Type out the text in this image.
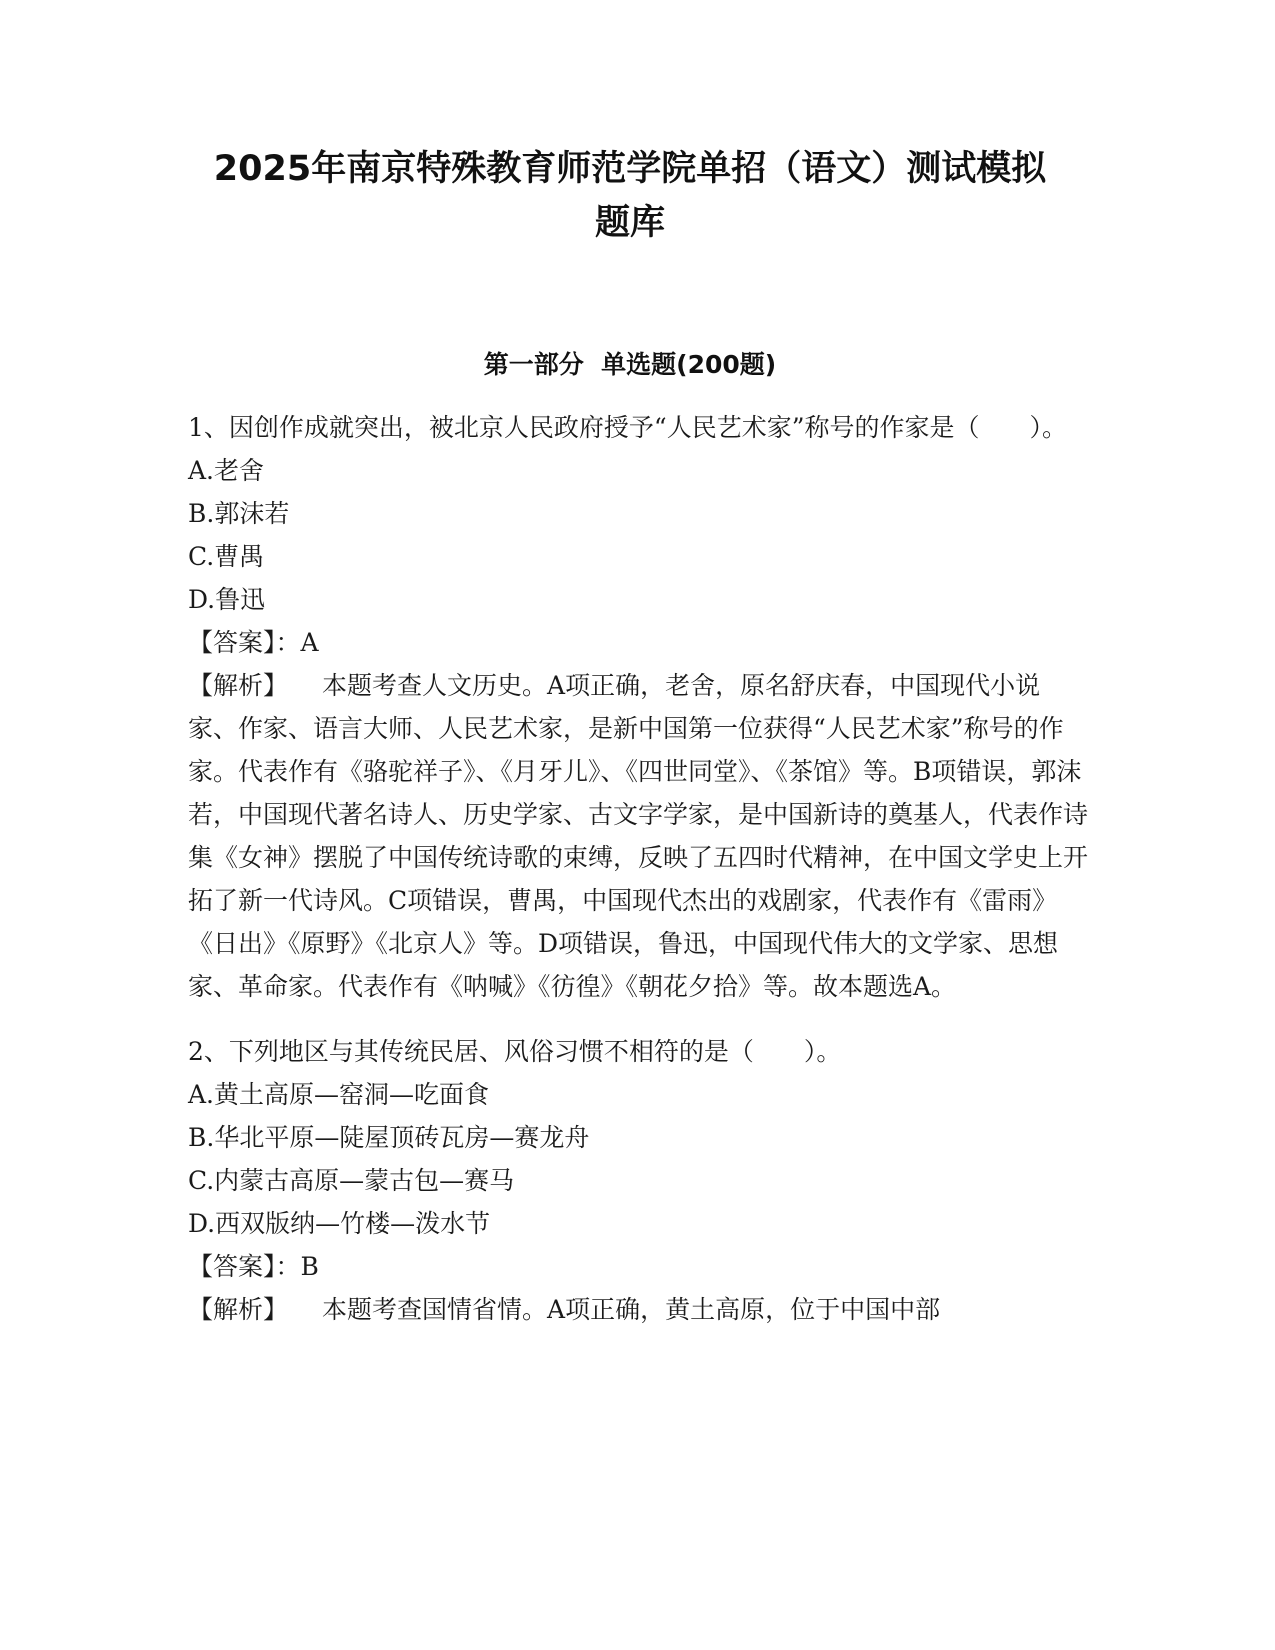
2025年南京特殊教育师范学院单招（语文）测试模拟
题库
第一部分  单选题(200题)

1、因创作成就突出，被北京人民政府授予“人民艺术家”称号的作家是（　　）。

A.老舍

B.郭沫若

C.曹禺

D.鲁迅

【答案】：A

【解析】 本题考查人文历史。A项正确，老舍，原名舒庆春，中国现代小说家、作家、语言大师、人民艺术家，是新中国第一位获得“人民艺术家”称号的作家。代表作有《骆驼祥子》、《月牙儿》、《四世同堂》、《茶馆》等。B项错误，郭沫若，中国现代著名诗人、历史学家、古文字学家，是中国新诗的奠基人，代表作诗集《女神》摆脱了中国传统诗歌的束缚，反映了五四时代精神，在中国文学史上开拓了新一代诗风。C项错误，曹禺，中国现代杰出的戏剧家，代表作有《雷雨》《日出》《原野》《北京人》等。D项错误，鲁迅，中国现代伟大的文学家、思想家、革命家。代表作有《呐喊》《彷徨》《朝花夕拾》等。故本题选A。

2、下列地区与其传统民居、风俗习惯不相符的是（　　）。

A.黄土高原—窑洞—吃面食

B.华北平原—陡屋顶砖瓦房—赛龙舟

C.内蒙古高原—蒙古包—赛马

D.西双版纳—竹楼—泼水节

【答案】：B

【解析】 本题考查国情省情。A项正确，黄土高原，位于中国中部
